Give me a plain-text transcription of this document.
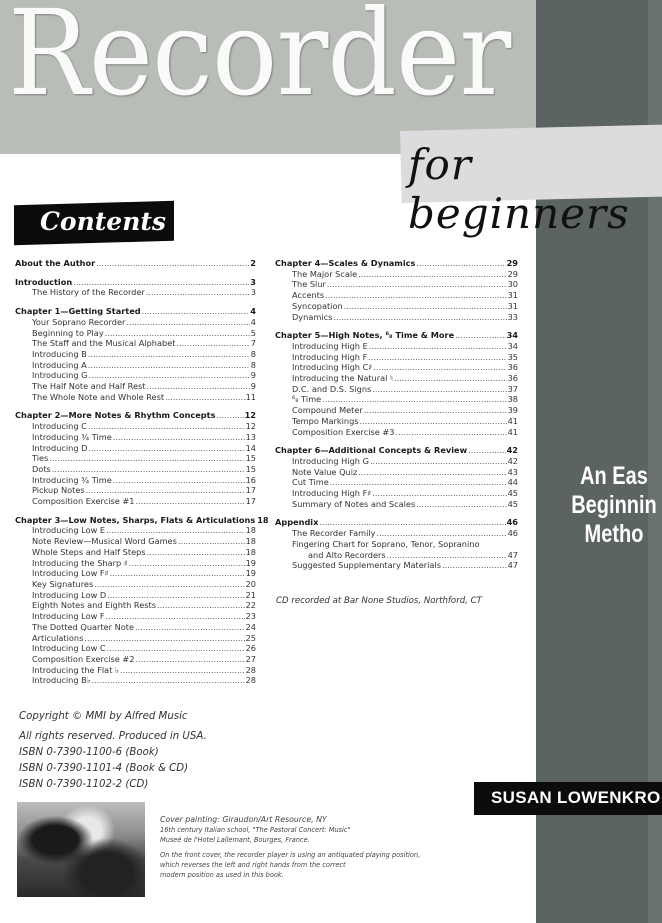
Recorder
for beginners
Contents
About the Author .....	2
Introduction .....	3
The History of the Recorder .....	3
Chapter 1—Getting Started .....	4
Your Soprano Recorder .....	4
Beginning to Play .....	5
The Staff and the Musical Alphabet .....	7
Introducing B .....	8
Introducing A .....	8
Introducing G .....	9
The Half Note and Half Rest .....	9
The Whole Note and Whole Rest .....	11
Chapter 2—More Notes & Rhythm Concepts .....	12
Introducing C .....	12
Introducing ¾ Time .....	13
Introducing D .....	14
Ties .....	15
Dots .....	15
Introducing ¾ Time .....	16
Pickup Notes .....	17
Composition Exercise #1 .....	17
Chapter 3—Low Notes, Sharps, Flats & Articulations 18
Introducing Low E .....	18
Note Review—Musical Word Games .....	18
Whole Steps and Half Steps .....	18
Introducing the Sharp ♯ .....	19
Introducing Low F♯ .....	19
Key Signatures .....	20
Introducing Low D .....	21
Eighth Notes and Eighth Rests .....	22
Introducing Low F .....	23
The Dotted Quarter Note .....	24
Articulations .....	25
Introducing Low C .....	26
Composition Exercise #2 .....	27
Introducing the Flat ♭ .....	28
Introducing B♭ .....	28
Chapter 4—Scales & Dynamics .....	29
The Major Scale .....	29
The Slur .....	30
Accents .....	31
Syncopation .....	31
Dynamics .....	33
Chapter 5—High Notes, ⁶₈ Time & More .....	34
Introducing High E .....	34
Introducing High F .....	35
Introducing High C♯ .....	36
Introducing the Natural ♮ .....	36
D.C. and D.S. Signs .....	37
⁶₈ Time .....	38
Compound Meter .....	39
Tempo Markings .....	41
Composition Exercise #3 .....	41
Chapter 6—Additional Concepts & Review .....	42
Introducing High G .....	42
Note Value Quiz .....	43
Cut Time .....	44
Introducing High F♯ .....	45
Summary of Notes and Scales .....	45
Appendix .....	46
The Recorder Family .....	46
Fingering Chart for Soprano, Tenor, Sopranino
and Alto Recorders .....	47
Suggested Supplementary Materials .....	47
CD recorded at Bar None Studios, Northford, CT
Copyright © MMI by Alfred Music
All rights reserved. Produced in USA.
ISBN 0-7390-1100-6 (Book)
ISBN 0-7390-1101-4 (Book & CD)
ISBN 0-7390-1102-2 (CD)
Cover painting: Giraudon/Art Resource, NY
16th century Italian school, "The Pastoral Concert: Music"
Museé de l'Hotel Lallemant, Bourges, France.
On the front cover, the recorder player is using an antiquated playing position,
which reverses the left and right hands from the correct
modern position as used in this book.
An Eas
Beginnin
Metho
SUSAN LOWENKRO
